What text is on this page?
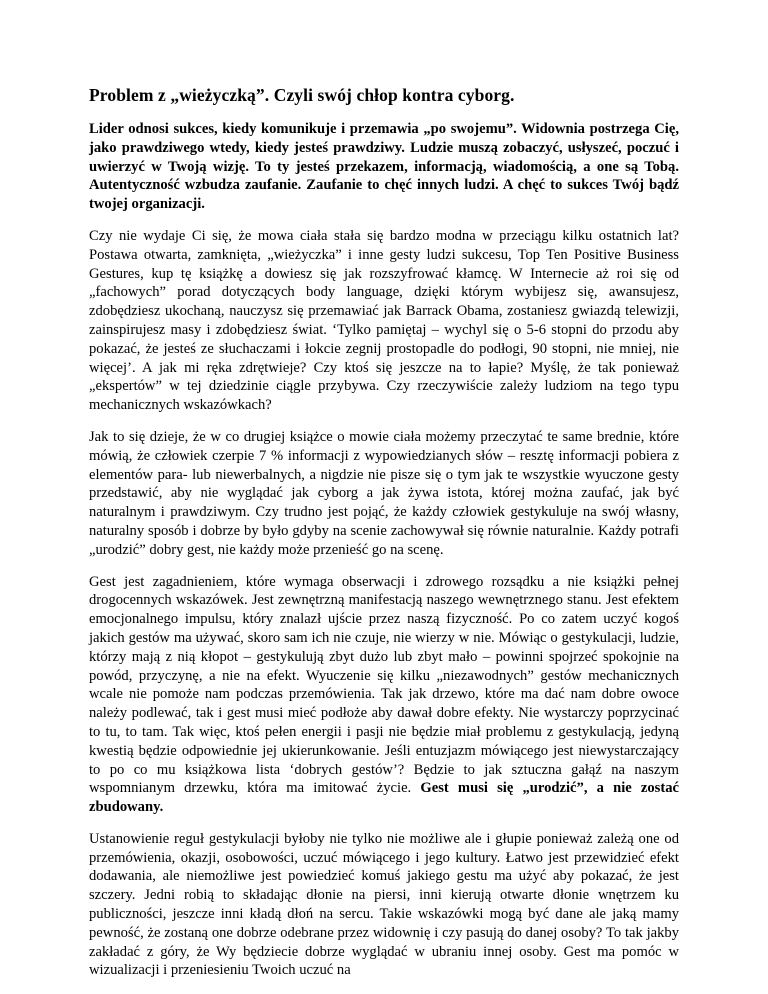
Problem z „wieżyczką”. Czyli swój chłop kontra cyborg.

Lider odnosi sukces, kiedy komunikuje i przemawia „po swojemu”. Widownia postrzega Cię, jako prawdziwego wtedy, kiedy jesteś prawdziwy. Ludzie muszą zobaczyć, usłyszeć, poczuć i uwierzyć w Twoją wizję. To ty jesteś przekazem, informacją, wiadomością, a one są Tobą. Autentyczność wzbudza zaufanie. Zaufanie to chęć innych ludzi. A chęć to sukces Twój bądź twojej organizacji.

Czy nie wydaje Ci się, że mowa ciała stała się bardzo modna w przeciągu kilku ostatnich lat? Postawa otwarta, zamknięta, „wieżyczka” i inne gesty ludzi sukcesu, Top Ten Positive Business Gestures, kup tę książkę a dowiesz się jak rozszyfrować kłamcę. W Internecie aż roi się od „fachowych” porad dotyczących body language, dzięki którym wybijesz się, awansujesz, zdobędziesz ukochaną, nauczysz się przemawiać jak Barrack Obama, zostaniesz gwiazdą telewizji, zainspirujesz masy i zdobędziesz świat. ‘Tylko pamiętaj – wychyl się o 5-6 stopni do przodu aby pokazać, że jesteś ze słuchaczami i łokcie zegnij prostopadle do podłogi, 90 stopni, nie mniej, nie więcej’. A jak mi ręka zdrętwieje? Czy ktoś się jeszcze na to łapie? Myślę, że tak ponieważ „ekspertów” w tej dziedzinie ciągle przybywa. Czy rzeczywiście zależy ludziom na tego typu mechanicznych wskazówkach?

Jak to się dzieje, że w co drugiej książce o mowie ciała możemy przeczytać te same brednie, które mówią, że człowiek czerpie 7 % informacji z wypowiedzianych słów – resztę informacji pobiera z elementów para- lub niewerbalnych, a nigdzie nie pisze się o tym jak te wszystkie wyuczone gesty przedstawić, aby nie wyglądać jak cyborg a jak żywa istota, której można zaufać, jak być naturalnym i prawdziwym. Czy trudno jest pojąć, że każdy człowiek gestykuluje na swój własny, naturalny sposób i dobrze by było gdyby na scenie zachowywał się równie naturalnie. Każdy potrafi „urodzić” dobry gest, nie każdy może przenieść go na scenę.

Gest jest zagadnieniem, które wymaga obserwacji i zdrowego rozsądku a nie książki pełnej drogocennych wskazówek. Jest zewnętrzną manifestacją naszego wewnętrznego stanu. Jest efektem emocjonalnego impulsu, który znalazł ujście przez naszą fizyczność. Po co zatem uczyć kogoś jakich gestów ma używać, skoro sam ich nie czuje, nie wierzy w nie. Mówiąc o gestykulacji, ludzie, którzy mają z nią kłopot – gestykulują zbyt dużo lub zbyt mało – powinni spojrzeć spokojnie na powód, przyczynę, a nie na efekt. Wyuczenie się kilku „niezawodnych” gestów mechanicznych wcale nie pomoże nam podczas przemówienia. Tak jak drzewo, które ma dać nam dobre owoce należy podlewać, tak i gest musi mieć podłoże aby dawał dobre efekty. Nie wystarczy poprzycinać to tu, to tam. Tak więc, ktoś pełen energii i pasji nie będzie miał problemu z gestykulacją, jedyną kwestią będzie odpowiednie jej ukierunkowanie. Jeśli entuzjazm mówiącego jest niewystarczający to po co mu książkowa lista ‘dobrych gestów’? Będzie to jak sztuczna gałąź na naszym wspomnianym drzewku, która ma imitować życie. Gest musi się „urodzić”, a nie zostać zbudowany.

Ustanowienie reguł gestykulacji byłoby nie tylko nie możliwe ale i głupie ponieważ zależą one od przemówienia, okazji, osobowości, uczuć mówiącego i jego kultury. Łatwo jest przewidzieć efekt dodawania, ale niemożliwe jest powiedzieć komuś jakiego gestu ma użyć aby pokazać, że jest szczery. Jedni robią to składając dłonie na piersi, inni kierują otwarte dłonie wnętrzem ku publiczności, jeszcze inni kładą dłoń na sercu. Takie wskazówki mogą być dane ale jaką mamy pewność, że zostaną one dobrze odebrane przez widownię i czy pasują do danej osoby? To tak jakby zakładać z góry, że Wy będziecie dobrze wyglądać w ubraniu innej osoby. Gest ma pomóc w wizualizacji i przeniesieniu Twoich uczuć na
